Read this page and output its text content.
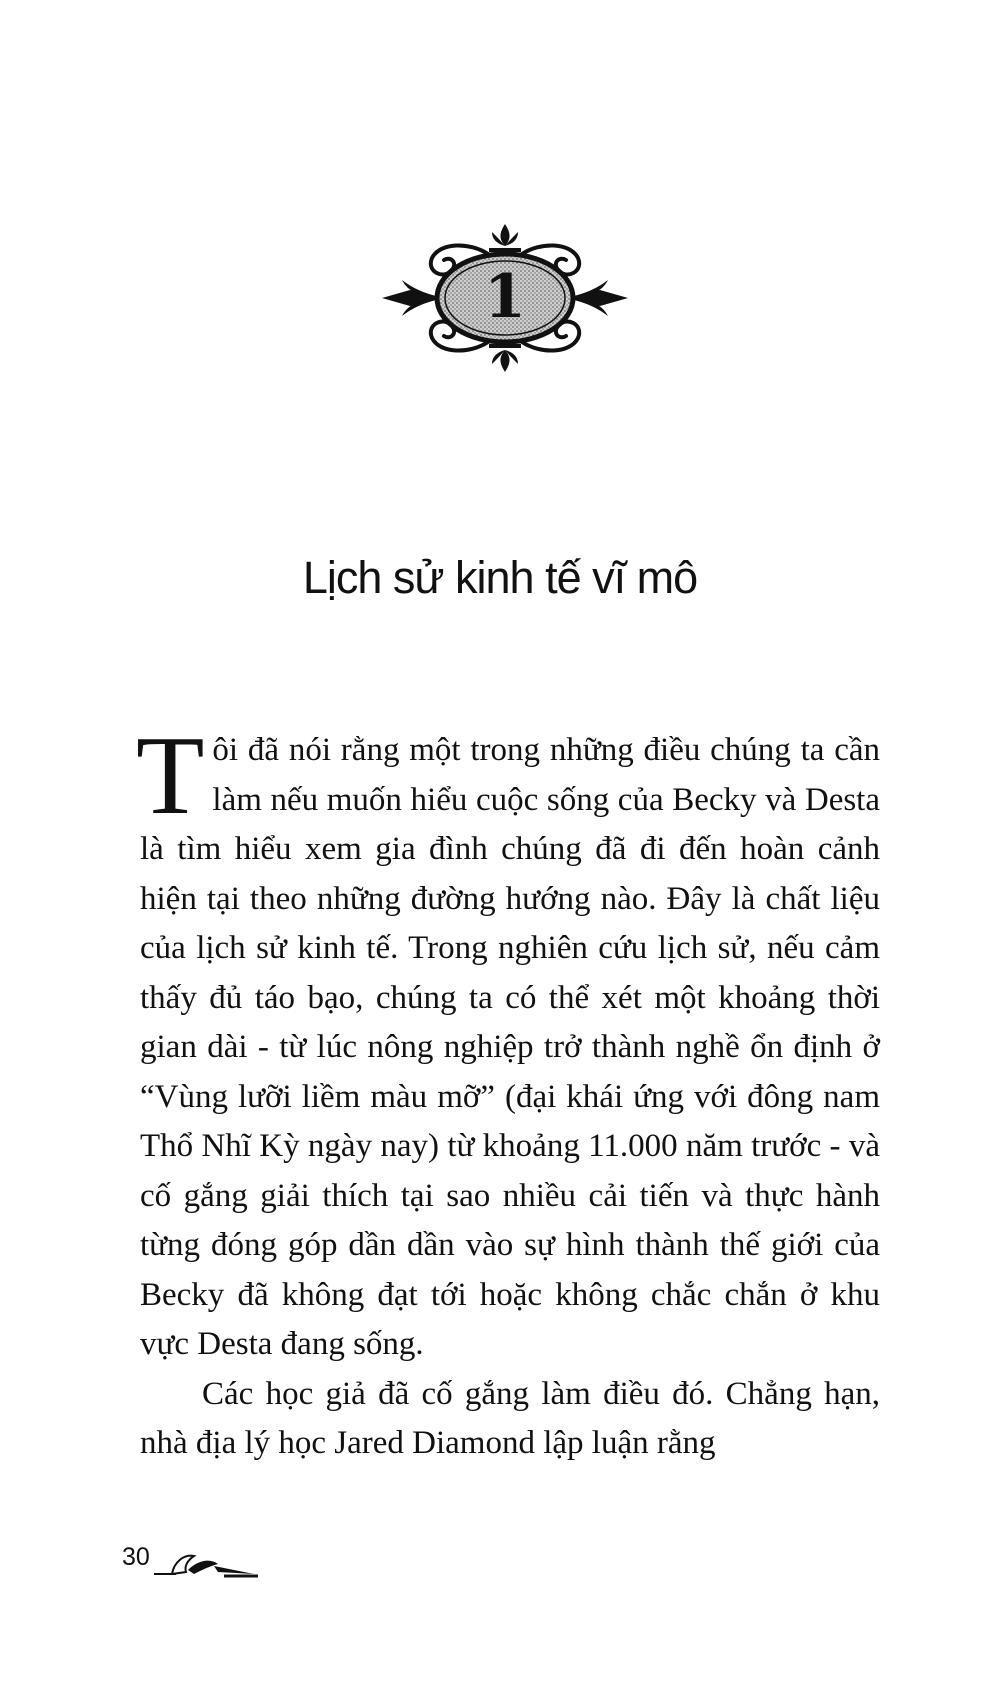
1
Lịch sử kinh tế vĩ mô

Tôi đã nói rằng một trong những điều chúng ta cần làm nếu muốn hiểu cuộc sống của Becky và Desta là tìm hiểu xem gia đình chúng đã đi đến hoàn cảnh hiện tại theo những đường hướng nào. Đây là chất liệu của lịch sử kinh tế. Trong nghiên cứu lịch sử, nếu cảm thấy đủ táo bạo, chúng ta có thể xét một khoảng thời gian dài - từ lúc nông nghiệp trở thành nghề ổn định ở “Vùng lưỡi liềm màu mỡ” (đại khái ứng với đông nam Thổ Nhĩ Kỳ ngày nay) từ khoảng 11.000 năm trước - và cố gắng giải thích tại sao nhiều cải tiến và thực hành từng đóng góp dần dần vào sự hình thành thế giới của Becky đã không đạt tới hoặc không chắc chắn ở khu vực Desta đang sống.

Các học giả đã cố gắng làm điều đó. Chẳng hạn, nhà địa lý học Jared Diamond lập luận rằng

30
